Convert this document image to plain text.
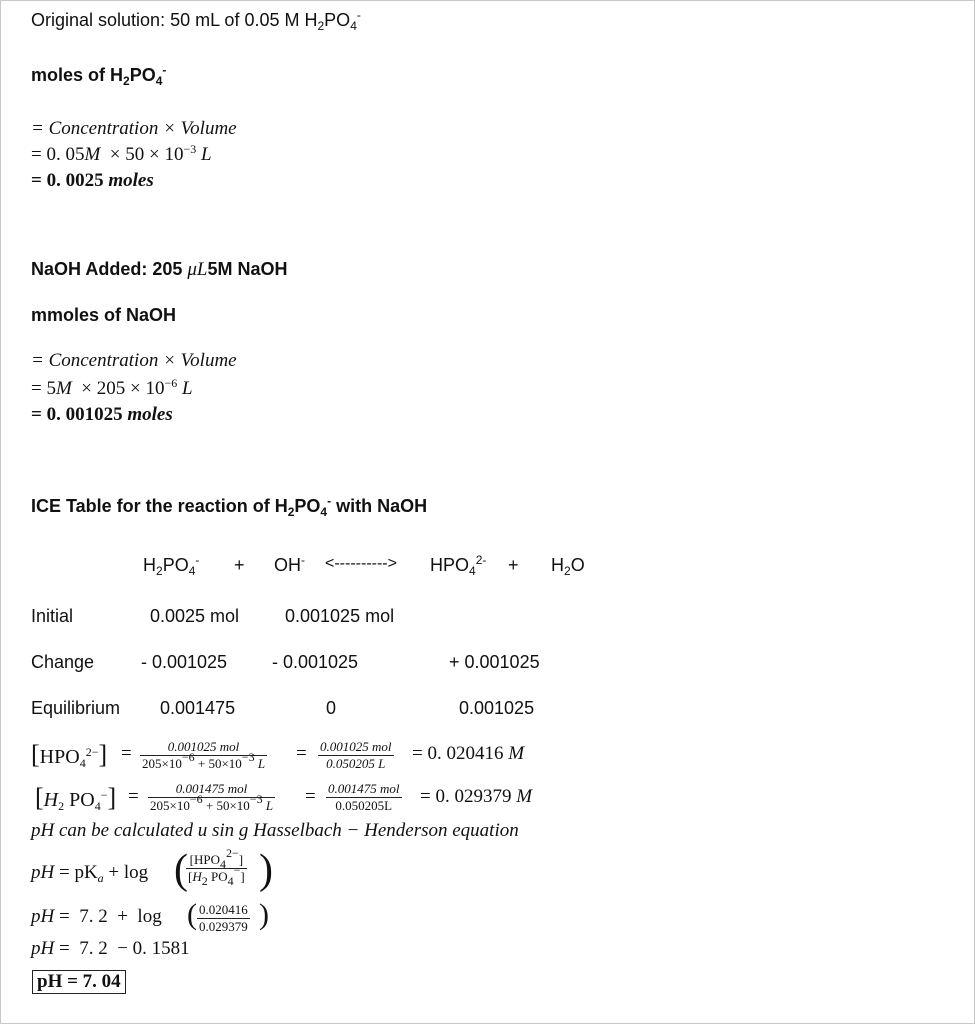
Original solution: 50 mL of 0.05 M $H_2PO_4^-$
moles of $H_2PO_4^-$
= Concentration × Volume
= 0. $05M \times 50 \times 10^{-3}$ L
= 0. 0025 moles
NaOH Added: 205 μL5M NaOH
mmoles of NaOH
= Concentration × Volume
= $5M \times 205 \times 10^{-6}$ L
= 0. 001025 moles
ICE Table for the reaction of $H_2PO_4^-$ with NaOH
$H_2PO_4^- + OH^-$ <----------> $HPO_4^{2-} + H_2O$
Initial	0.0025 mol	0.001025 mol
Change	- 0.001025 - 0.001025	+ 0.001025
Equilibrium 0.001475	0	0.001025
$[HPO_4^{2-}]$ =	0.001025 mol
$205\times 10^{-6} + 50\times 10^{-3}$ L = 0.001025 mol
0.050205 L	= 0. 020416 M
[$H_2$ $PO_4^-$] =	0.001475 mol
$205\times 10^{-6} + 50\times 10^{-3}$ L = 0.001475 mol
0.050205L	= 0. 029379 M
pH can be calculated u sin g Hasselbach − Henderson equation
pH = $pK_a + \log$ ( $[HPO_4^{2-}]$
[$H_2$ $PO_4^-$] )
pH =  7. 2  +  log ( $\frac{0.020416}{0.029379}$ )
pH =  7. 2  − 0. 1581
pH = 7. 04
